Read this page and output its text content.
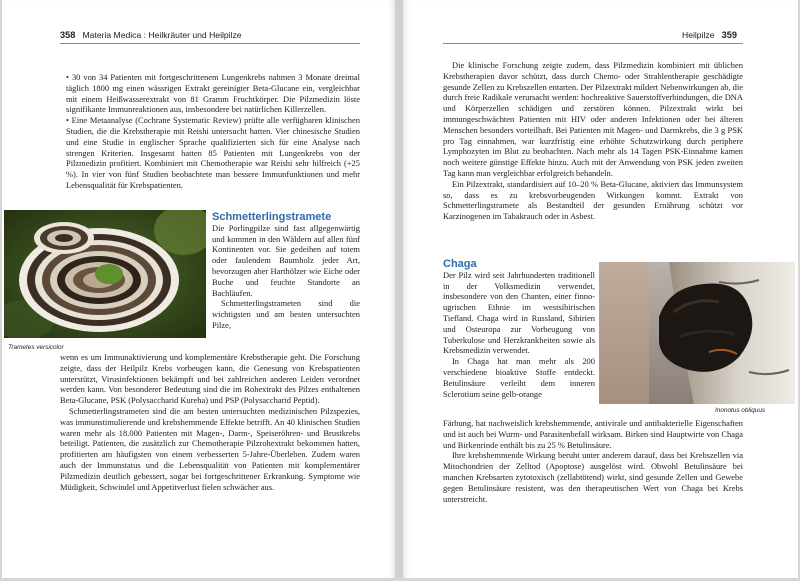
358 Materia Medica : Heilkräuter und Heilpilze

• 30 von 34 Patienten mit fortgeschrittenem Lungenkrebs nahmen 3 Monate dreimal täglich 1800 mg einen wässrigen Extrakt gereinigter Beta-Glucane ein, vergleichbar mit einem Heißwasserextrakt von 81 Gramm Fruchtkörper. Die Pilzmedizin löste signifikante Immunreaktionen aus, insbesondere bei natürlichen Killerzellen.

• Eine Metaanalyse (Cochrane Systematic Review) prüfte alle verfügbaren klinischen Studien, die die Krebstherapie mit Reishi untersucht hatten. Vier chinesische Studien und eine Studie in englischer Sprache qualifizierten sich für eine Analyse nach strengen Kriterien. Insgesamt hatten 85 Patienten mit Lungenkrebs von der Pilzmedizin profitiert. Kombiniert mit Chemotherapie war Reishi sehr hilfreich (+25 %). In vier von fünf Studien beobachtete man bessere Immunfunktionen und mehr Lebensqualität für Krebspatienten.

Trametes versicolor

Schmetterlingstramete

Die Porlingpilze sind fast allgegenwärtig und kommen in den Wäldern auf allen fünf Kontinenten vor. Sie gedeihen auf totem oder faulendem Baumholz jeder Art, bevorzugen aber Harthölzer wie Eiche oder Buche und feuchte Standorte an Bachläufen.

Schmetterlingstrameten sind die wichtigsten und am besten untersuchten Pilze,

wenn es um Immunaktivierung und komplementäre Krebstherapie geht. Die Forschung zeigte, dass der Heilpilz Krebs vorbeugen kann, die Genesung von Krebspatienten unterstützt, Virusinfektionen bekämpft und bei zahlreichen anderen Leiden verordnet werden kann. Von besonderer Bedeutung sind die im Rohextrakt des Pilzes enthaltenen Beta-Glucane, PSK (Polysaccharid Kureha) und PSP (Polysaccharid Peptid).

Schmetterlingstrameten sind die am besten untersuchten medizinischen Pilzspezies, was immunstimulierende und krebshemmende Effekte betrifft. An 40 klinischen Studien waren mehr als 18.000 Patienten mit Magen-, Darm-, Speiseröhren- und Brustkrebs beteiligt. Patienten, die zusätzlich zur Chemotherapie Pilzrohextrakt bekommen hatten, profitierten am häufigsten von einem verbesserten 5-Jahre-Überleben. Zudem waren auch der Immunstatus und die Lebensqualität von Patienten mit komplementärer Pilzmedizin deutlich gebessert, sogar bei fortgeschrittener Erkrankung. Symptome wie Müdigkeit, Schwindel und Appetitverlust fielen schwächer aus.

Heilpilze 359

Die klinische Forschung zeigte zudem, dass Pilzmedizin kombiniert mit üblichen Krebstherapien davor schützt, dass durch Chemo- oder Strahlentherapie geschädigte gesunde Zellen zu Krebszellen entarten. Der Pilzextrakt mildert Nebenwirkungen ab, die durch freie Radikale verursacht werden: hochreaktive Sauerstoffverbindungen, die DNA und Körperzellen schädigen und zerstören können. Pilzextrakt wirkt bei immungeschwächten Patienten mit HIV oder anderen Infektionen oder bei älteren Menschen besonders vorteilhaft. Bei Patienten mit Magen- und Darmkrebs, die 3 g PSK pro Tag einnahmen, war kurzfristig eine erhöhte Schutzwirkung durch periphere Lymphozyten im Blut zu beobachten. Nach mehr als 14 Tagen PSK-Einnahme kamen noch weitere günstige Effekte hinzu. Auch mit der Anwendung von PSK jeden zweiten Tag kann man vergleichbar erfolgreich behandeln.

Ein Pilzextrakt, standardisiert auf 10–20 % Beta-Glucane, aktiviert das Immunsystem so, dass es zu krebsvorbeugenden Wirkungen kommt. Extrakt von Schmetterlingstramete als Bestandteil der gesunden Ernährung schützt vor Karzinogenen im Tabakrauch oder in Asbest.

Chaga

Der Pilz wird seit Jahrhunderten traditionell in der Volksmedizin verwendet, insbesondere von den Chanten, einer finno-ugrischen Ethnie im westsibirischen Tiefland. Chaga wird in Russland, Sibirien und Osteuropa zur Vorbeugung von Tuberkulose und Herzkrankheiten sowie als Krebsmedizin verwendet.

In Chaga hat man mehr als 200 verschiedene bioaktive Stoffe entdeckt. Betulinsäure verleiht dem inneren Sclerotium seine gelb-orange

Inonotus obliquus

Färbung, hat nachweislich krebshemmende, antivirale und antibakterielle Eigenschaften und ist auch bei Wurm- und Parasitenbefall wirksam. Birken sind Hauptwirte von Chaga und Birkenrinde enthält bis zu 25 % Betulinsäure.

Ihre krebshemmende Wirkung beruht unter anderem darauf, dass bei Krebszellen via Mitochondrien der Zelltod (Apoptose) ausgelöst wird. Obwohl Betulinsäure bei manchen Krebsarten zytotoxisch (zellabtötend) wirkt, sind gesunde Zellen und Gewebe gegen Betulinsäure resistent, was den therapeutischen Wert von Chaga bei Krebs unterstreicht.
